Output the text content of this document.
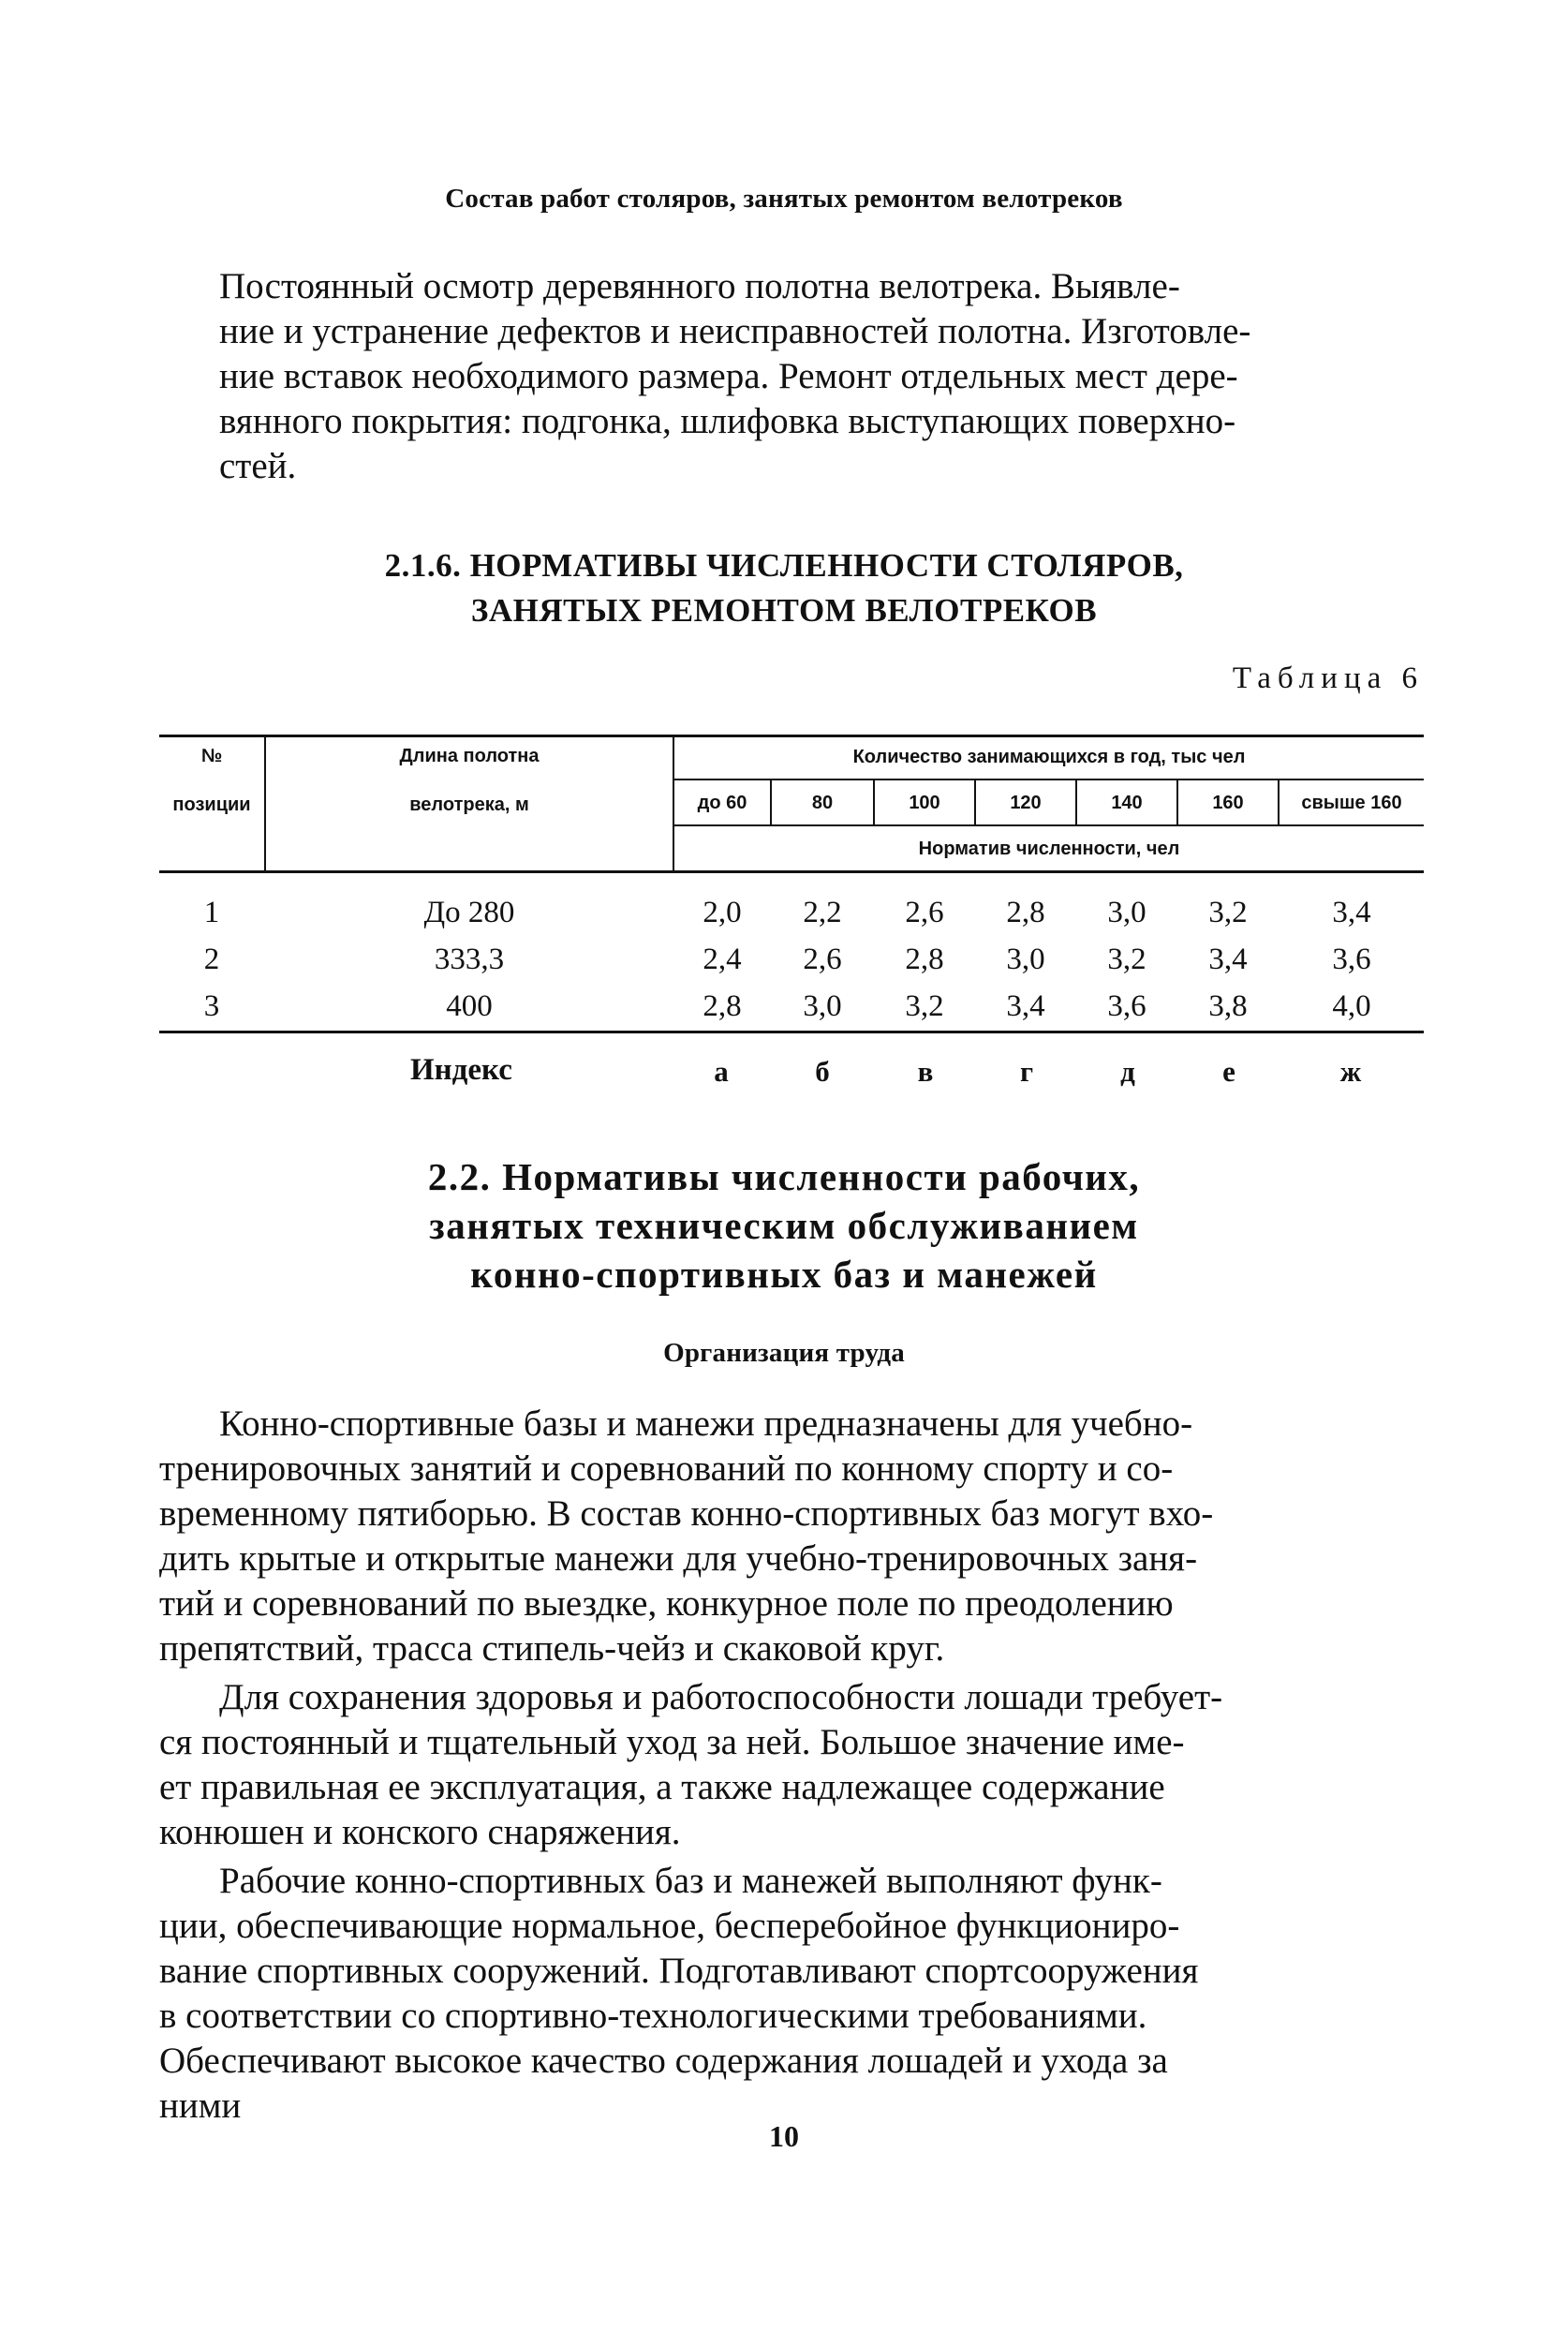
Состав работ столяров, занятых ремонтом велотреков
Постоянный осмотр деревянного полотна велотрека. Выявле-
ние и устранение дефектов и неисправностей полотна. Изготовле-
ние вставок необходимого размера. Ремонт отдельных мест дере-
вянного покрытия: подгонка, шлифовка выступающих поверхно-
стей.
2.1.6. НОРМАТИВЫ ЧИСЛЕННОСТИ СТОЛЯРОВ,
ЗАНЯТЫХ РЕМОНТОМ ВЕЛОТРЕКОВ
Таблица 6
№
позиции
Длина полотна
велотрека, м
Количество занимающихся в год, тыс чел
до 60	80	100	120	140	160	свыше 160
Норматив численности, чел
1	До 280	2,0	2,2	2,6	2,8	3,0	3,2	3,4
2	333,3	2,4	2,6	2,8	3,0	3,2	3,4	3,6
3	400	2,8	3,0	3,2	3,4	3,6	3,8	4,0
Индекс	а	б	в	г	д	е	ж
2.2. Нормативы численности рабочих,
занятых техническим обслуживанием
конно-спортивных баз и манежей
Организация труда
Конно-спортивные базы и манежи предназначены для учебно-
тренировочных занятий и соревнований по конному спорту и со-
временному пятиборью. В состав конно-спортивных баз могут вхо-
дить крытые и открытые манежи для учебно-тренировочных заня-
тий и соревнований по выездке, конкурное поле по преодолению
препятствий, трасса стипель-чейз и скаковой круг.
Для сохранения здоровья и работоспособности лошади требует-
ся постоянный и тщательный уход за ней. Большое значение име-
ет правильная ее эксплуатация, а также надлежащее содержание
конюшен и конского снаряжения.
Рабочие конно-спортивных баз и манежей выполняют функ-
ции, обеспечивающие нормальное, бесперебойное функциониро-
вание спортивных сооружений. Подготавливают спортсооружения
в соответствии со спортивно-технологическими требованиями.
Обеспечивают высокое качество содержания лошадей и ухода за
ними
10
